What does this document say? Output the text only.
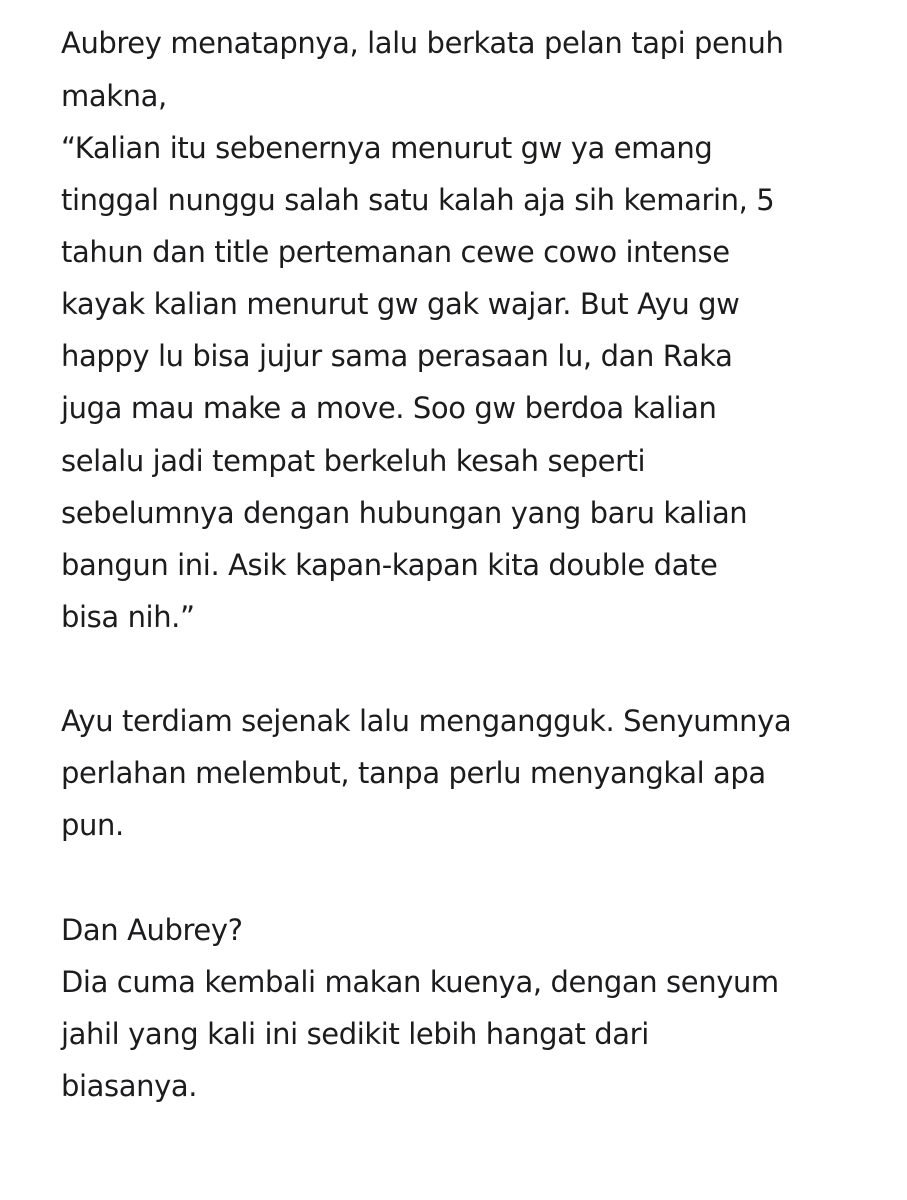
Aubrey menatapnya, lalu berkata pelan tapi penuh

makna,

“Kalian itu sebenernya menurut gw ya emang

tinggal nunggu salah satu kalah aja sih kemarin, 5

tahun dan title pertemanan cewe cowo intense

kayak kalian menurut gw gak wajar. But Ayu gw

happy lu bisa jujur sama perasaan lu, dan Raka

juga mau make a move. Soo gw berdoa kalian

selalu jadi tempat berkeluh kesah seperti

sebelumnya dengan hubungan yang baru kalian

bangun ini. Asik kapan-kapan kita double date

bisa nih.”

Ayu terdiam sejenak lalu mengangguk. Senyumnya

perlahan melembut, tanpa perlu menyangkal apa

pun.

Dan Aubrey?

Dia cuma kembali makan kuenya, dengan senyum

jahil yang kali ini sedikit lebih hangat dari

biasanya.
